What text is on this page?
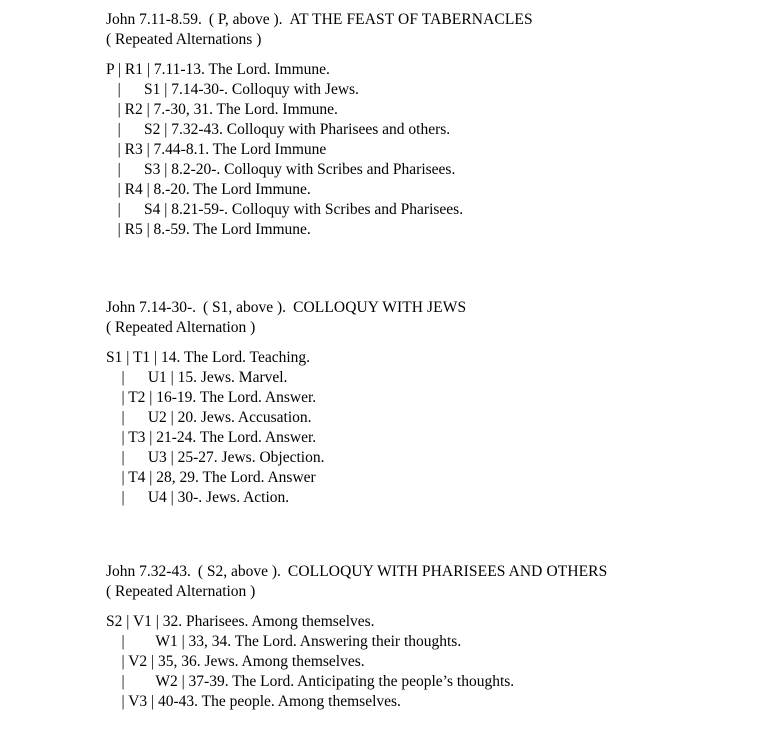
John 7.11-8.59. ( P, above ). AT THE FEAST OF TABERNACLES
( Repeated Alternations )
P | R1 | 7.11-13. The Lord. Immune.
|      S1 | 7.14-30-. Colloquy with Jews.
| R2 | 7.-30, 31. The Lord. Immune.
|      S2 | 7.32-43. Colloquy with Pharisees and others.
| R3 | 7.44-8.1. The Lord Immune
|      S3 | 8.2-20-. Colloquy with Scribes and Pharisees.
| R4 | 8.-20. The Lord Immune.
|      S4 | 8.21-59-. Colloquy with Scribes and Pharisees.
| R5 | 8.-59. The Lord Immune.
John 7.14-30-. ( S1, above ). COLLOQUY WITH JEWS
( Repeated Alternation )
S1 | T1 | 14. The Lord. Teaching.
|      U1 | 15. Jews. Marvel.
| T2 | 16-19. The Lord. Answer.
|      U2 | 20. Jews. Accusation.
| T3 | 21-24. The Lord. Answer.
|      U3 | 25-27. Jews. Objection.
| T4 | 28, 29. The Lord. Answer
|      U4 | 30-. Jews. Action.
John 7.32-43. ( S2, above ). COLLOQUY WITH PHARISEES AND OTHERS
( Repeated Alternation )
S2 | V1 | 32. Pharisees. Among themselves.
|        W1 | 33, 34. The Lord. Answering their thoughts.
| V2 | 35, 36. Jews. Among themselves.
|        W2 | 37-39. The Lord. Anticipating the people’s thoughts.
| V3 | 40-43. The people. Among themselves.
